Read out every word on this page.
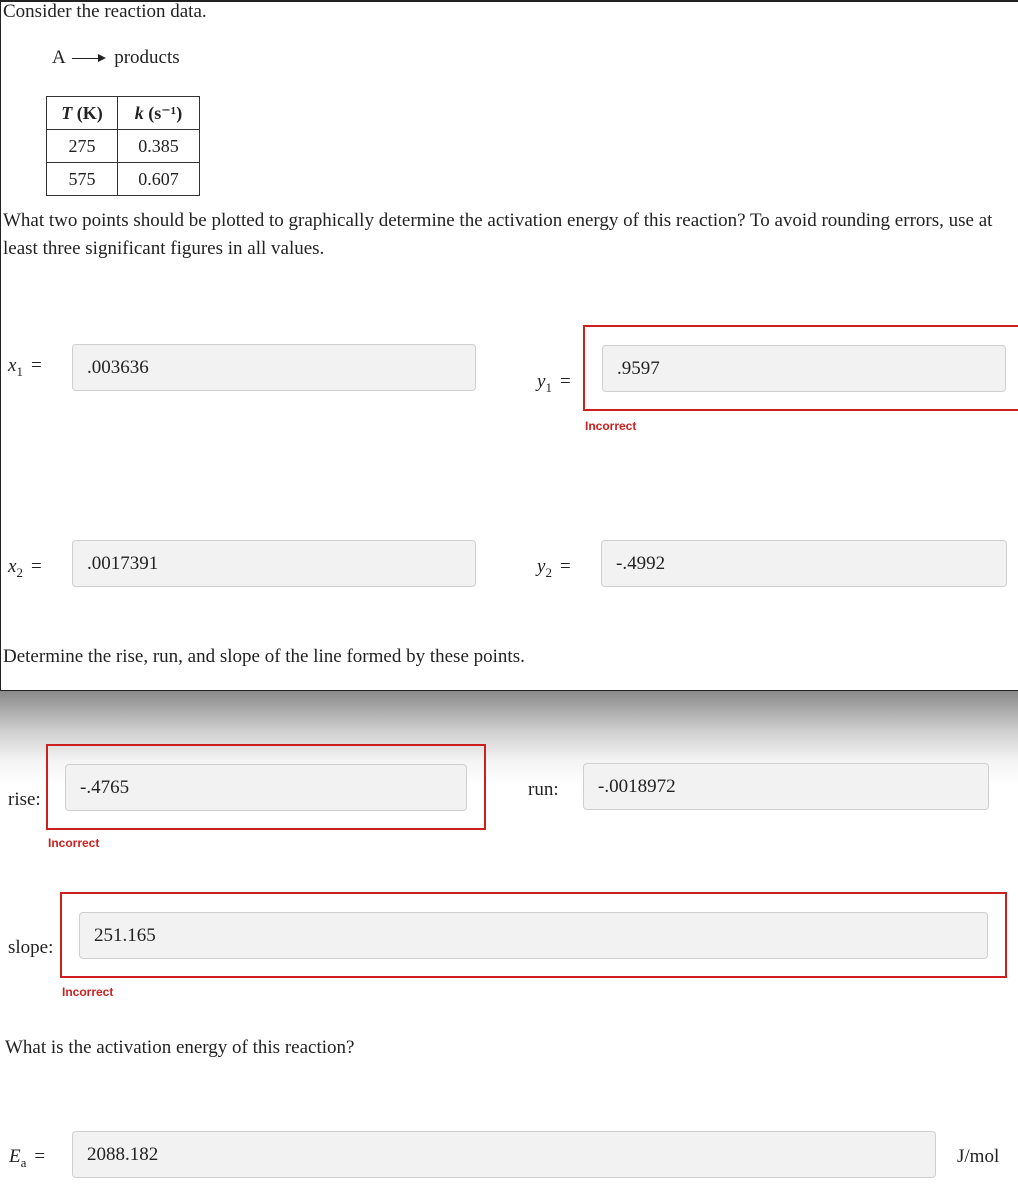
Consider the reaction data.
A	products
T (K)	k (s⁻¹)
275	0.385
575	0.607
What two points should be plotted to graphically determine the activation energy of this reaction? To avoid rounding errors, use at least three significant figures in all values.
$x_1$ =
.003636
$y_1$ =
.9597
Incorrect
$x_2$ =
.0017391	$y_2$ =
-.4992
Determine the rise, run, and slope of the line formed by these points.
rise:
-.4765
Incorrect
run:
-.0018972
slope:
251.165
Incorrect
What is the activation energy of this reaction?
$E_a$ =
2088.182	J/mol
